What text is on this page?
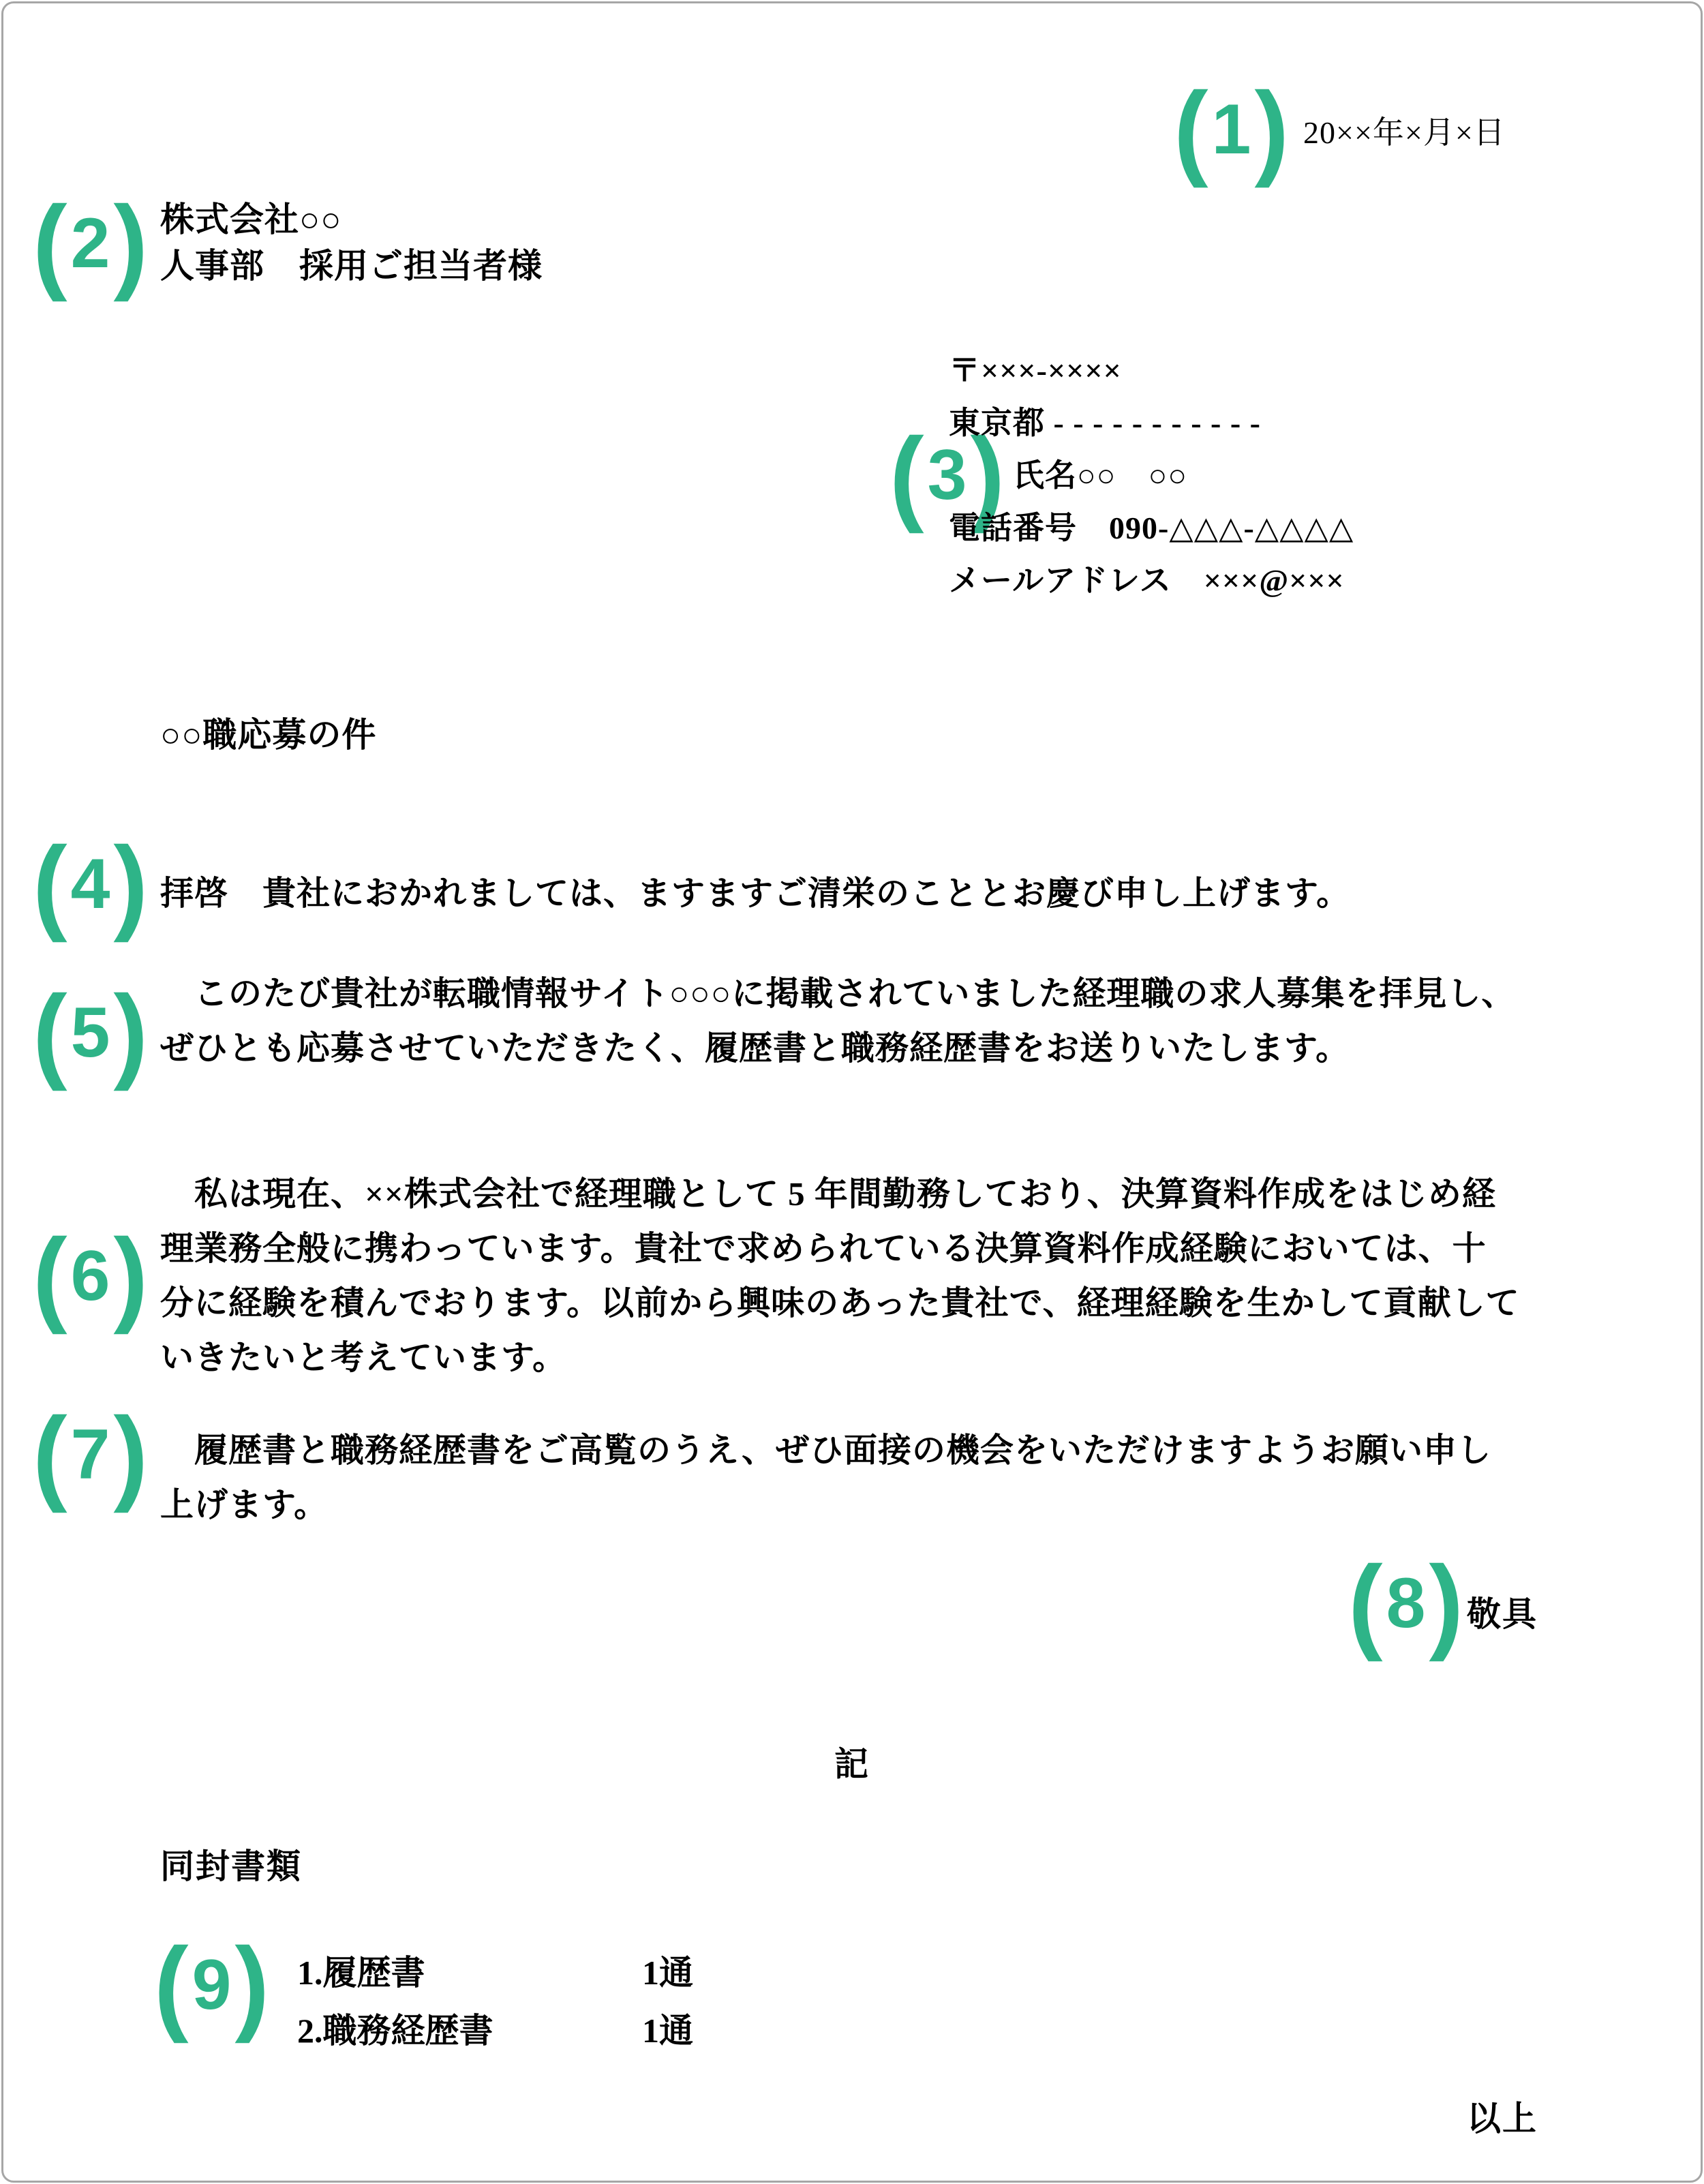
( 1 ) 20××年×月×日
( 2 ) 株式会社○○
人事部　採用ご担当者様
( 3 )
〒×××-××××
東京都 - - - - - - - - - - -
　　氏名○○　○○
電話番号　090-△△△-△△△△
メールアドレス　×××@×××
○○職応募の件
( 4 ) 拝啓　貴社におかれましては、ますますご清栄のこととお慶び申し上げます。
( 5 ) 　このたび貴社が転職情報サイト○○○に掲載されていました経理職の求人募集を拝見し、ぜひとも応募させていただきたく、履歴書と職務経歴書をお送りいたします。
( 6 )
　私は現在、××株式会社で経理職として 5 年間勤務しており、決算資料作成をはじめ経理業務全般に携わっています。貴社で求められている決算資料作成経験においては、十分に経験を積んでおります。以前から興味のあった貴社で、経理経験を生かして貢献していきたいと考えています。
( 7 ) 　履歴書と職務経歴書をご高覧のうえ、ぜひ面接の機会をいただけますようお願い申し上げます。
( 8 ) 敬具
記
同封書類
( 9 ) 1.履歴書	1通
2.職務経歴書	1通
以上
